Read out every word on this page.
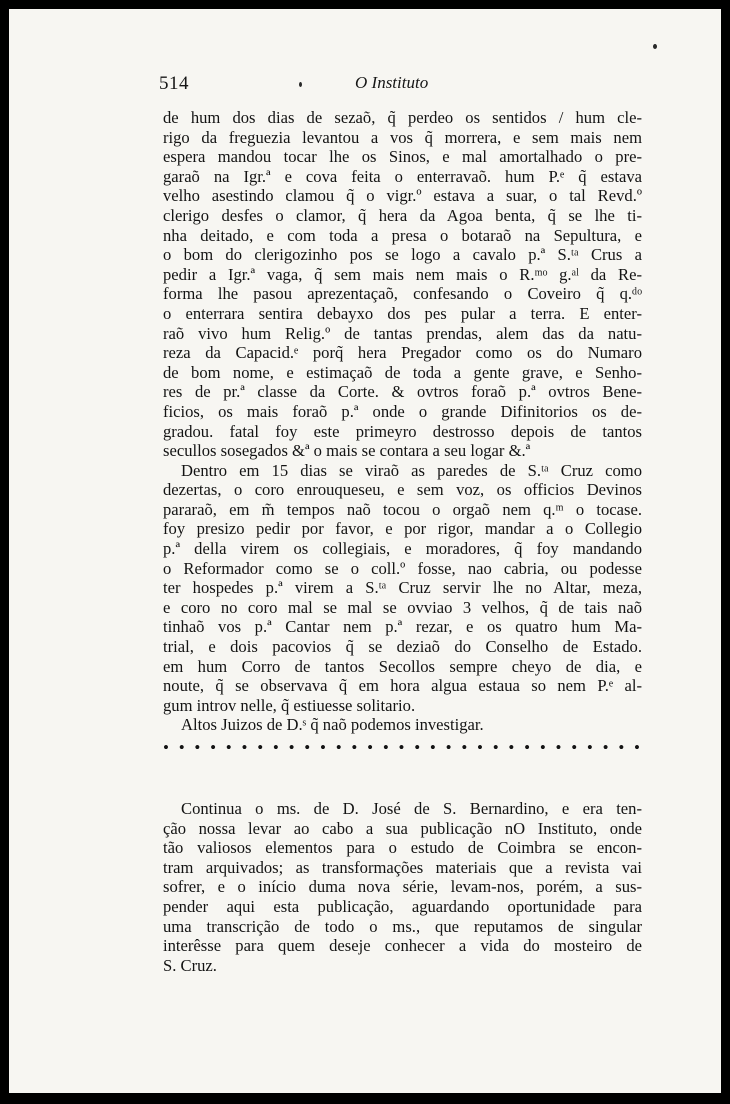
514	O Instituto
de hum dos dias de sezaõ, q̃ perdeo os sentidos / hum cle-
rigo da freguezia levantou a vos q̃ morrera, e sem mais nem
espera mandou tocar lhe os Sinos, e mal amortalhado o pre-
garaõ na Igr.ª e cova feita o enterravaõ. hum P.ᵉ q̃ estava
velho asestindo clamou q̃ o vigr.º estava a suar, o tal Revd.º
clerigo desfes o clamor, q̃ hera da Agoa benta, q̃ se lhe ti-
nha deitado, e com toda a presa o botaraõ na Sepultura, e
o bom do clerigozinho pos se logo a cavalo p.ª S.ᵗᵃ Crus a
pedir a Igr.ª vaga, q̃ sem mais nem mais o R.ᵐᵒ g.ᵃˡ da Re-
forma lhe pasou aprezentaçaõ, confesando o Coveiro q̃ q.ᵈᵒ
o enterrara sentira debayxo dos pes pular a terra. E enter-
raõ vivo hum Relig.º de tantas prendas, alem das da natu-
reza da Capacid.ᵉ porq̃ hera Pregador como os do Numaro
de bom nome, e estimaçaõ de toda a gente grave, e Senho-
res de pr.ª classe da Corte. & ovtros foraõ p.ª ovtros Bene-
ficios, os mais foraõ p.ª onde o grande Difinitorios os de-
gradou. fatal foy este primeyro destrosso depois de tantos
secullos sosegados &ª o mais se contara a seu logar &.ª
Dentro em 15 dias se viraõ as paredes de S.ᵗᵃ Cruz como
dezertas, o coro enrouqueseu, e sem voz, os officios Devinos
pararaõ, em m̃ tempos naõ tocou o orgaõ nem q.ᵐ o tocase.
foy presizo pedir por favor, e por rigor, mandar a o Collegio
p.ª della virem os collegiais, e moradores, q̃ foy mandando
o Reformador como se o coll.º fosse, nao cabria, ou podesse
ter hospedes p.ª virem a S.ᵗᵃ Cruz servir lhe no Altar, meza,
e coro no coro mal se mal se ovviao 3 velhos, q̃ de tais naõ
tinhaõ vos p.ª Cantar nem p.ª rezar, e os quatro hum Ma-
trial, e dois pacovios q̃ se deziaõ do Conselho de Estado.
em hum Corro de tantos Secollos sempre cheyo de dia, e
noute, q̃ se observava q̃ em hora algua estaua so nem P.ᵉ al-
gum introv nelle, q̃ estiuesse solitario.
Altos Juizos de D.ˢ q̃ naõ podemos investigar.
• • • • • • • • • • • • • • • • • • • • • • • • • • • • • • •
Continua o ms. de D. José de S. Bernardino, e era ten-
ção nossa levar ao cabo a sua publicação nO Instituto, onde
tão valiosos elementos para o estudo de Coimbra se encon-
tram arquivados; as transformações materiais que a revista vai
sofrer, e o início duma nova série, levam-nos, porém, a sus-
pender aqui esta publicação, aguardando oportunidade para
uma transcrição de todo o ms., que reputamos de singular
interêsse para quem deseje conhecer a vida do mosteiro de
S. Cruz.
